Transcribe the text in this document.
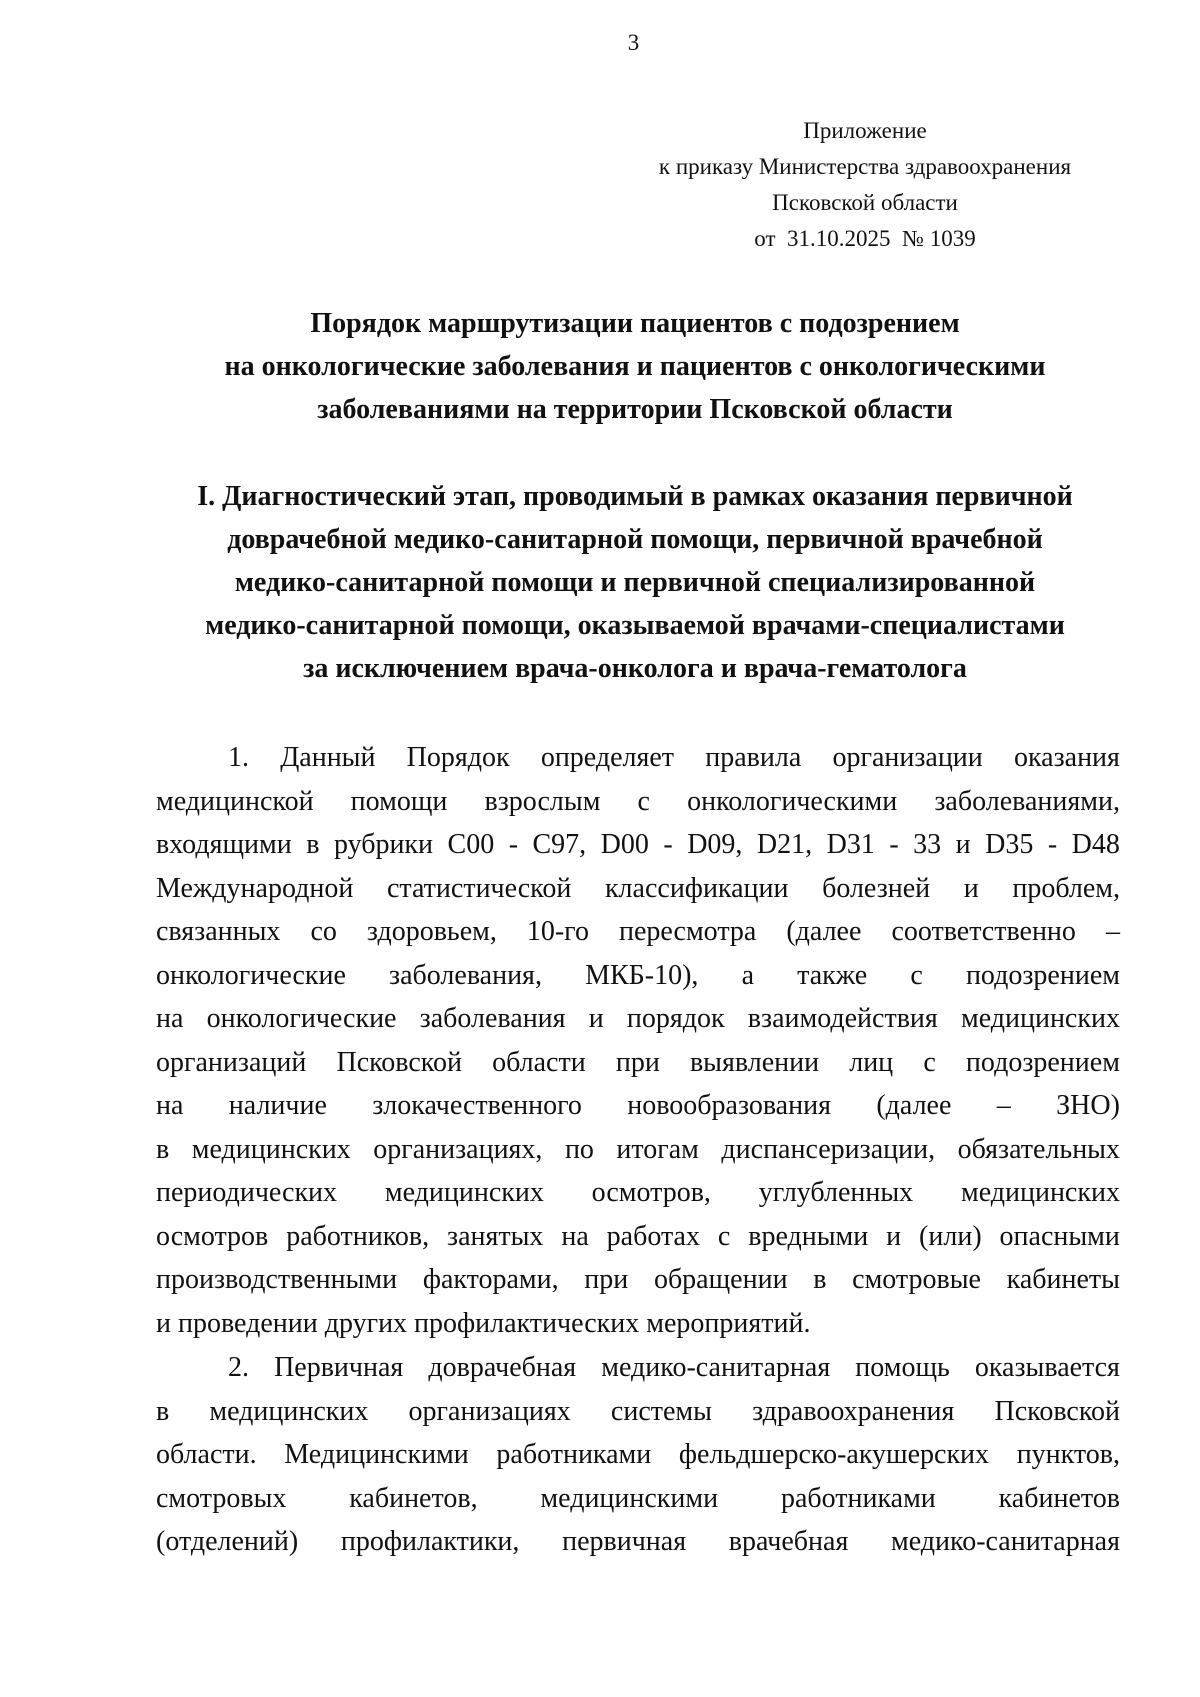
3
Приложение
к приказу Министерства здравоохранения
Псковской области
от  31.10.2025  № 1039
Порядок маршрутизации пациентов с подозрением
на онкологические заболевания и пациентов с онкологическими
заболеваниями на территории Псковской области
I. Диагностический этап, проводимый в рамках оказания первичной
доврачебной медико-санитарной помощи, первичной врачебной
медико-санитарной помощи и первичной специализированной
медико-санитарной помощи, оказываемой врачами-специалистами
за исключением врача-онколога и врача-гематолога
1. Данный Порядок определяет правила организации оказания
медицинской помощи взрослым с онкологическими заболеваниями,
входящими в рубрики С00 - С97, D00 - D09, D21, D31 - 33 и D35 - D48
Международной статистической классификации болезней и проблем,
связанных со здоровьем, 10-го пересмотра (далее соответственно –
онкологические заболевания, МКБ-10), а также с подозрением
на онкологические заболевания и порядок взаимодействия медицинских
организаций Псковской области при выявлении лиц с подозрением
на наличие злокачественного новообразования (далее – ЗНО)
в медицинских организациях, по итогам диспансеризации, обязательных
периодических медицинских осмотров, углубленных медицинских
осмотров работников, занятых на работах с вредными и (или) опасными
производственными факторами, при обращении в смотровые кабинеты
и проведении других профилактических мероприятий.
2. Первичная доврачебная медико-санитарная помощь оказывается
в медицинских организациях системы здравоохранения Псковской
области. Медицинскими работниками фельдшерско-акушерских пунктов,
смотровых кабинетов, медицинскими работниками кабинетов
(отделений) профилактики, первичная врачебная медико-санитарная
